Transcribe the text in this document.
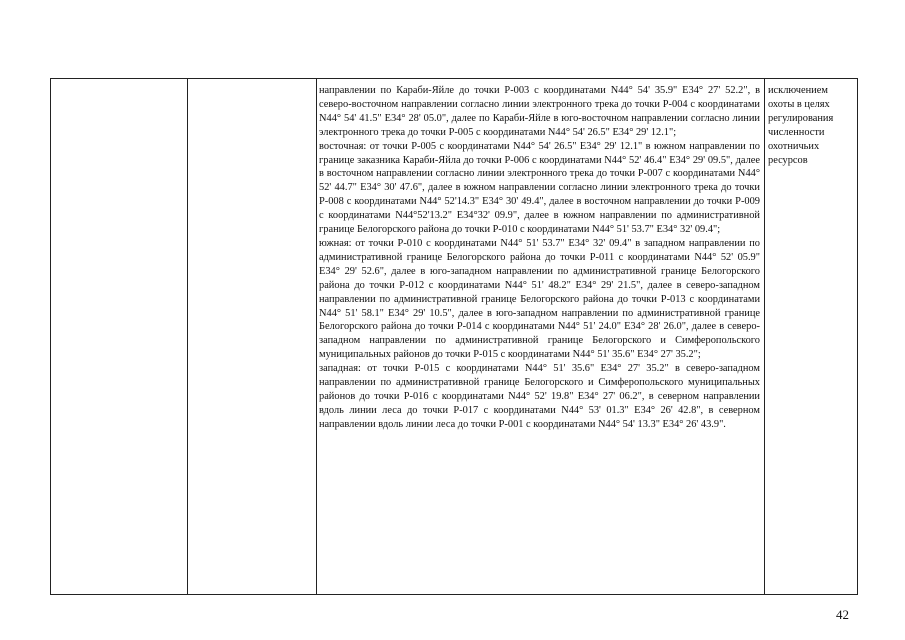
направлении по Караби-Яйле до точки Р-003 с координатами N44° 54' 35.9" Е34° 27' 52.2", в северо-восточном направлении согласно линии электронного трека до точки Р-004 с координатами N44° 54' 41.5" Е34° 28' 05.0", далее по Караби-Яйле в юго-восточном направлении согласно линии электронного трека до точки Р-005 с координатами N44° 54' 26.5" Е34° 29' 12.1";

восточная: от точки Р-005 с координатами N44° 54' 26.5" Е34° 29' 12.1" в южном направлении по границе заказника Караби-Яйла до точки Р-006 с координатами N44° 52' 46.4" Е34° 29' 09.5", далее в восточном направлении согласно линии электронного трека до точки Р-007 с координатами N44° 52' 44.7" Е34° 30' 47.6", далее в южном направлении согласно линии электронного трека до точки Р-008 с координатами N44° 52'14.3" Е34° 30' 49.4", далее в восточном направлении до точки Р-009 с координатами N44°52'13.2" Е34°32' 09.9", далее в южном направлении по административной границе Белогорского района до точки Р-010 с координатами N44° 51' 53.7" Е34° 32' 09.4";

южная: от точки Р-010 с координатами N44° 51' 53.7" Е34° 32' 09.4" в западном направлении по административной границе Белогорского района до точки Р-011 с координатами N44° 52' 05.9" Е34° 29' 52.6", далее в юго-западном направлении по административной границе Белогорского района до точки Р-012 с координатами N44° 51' 48.2" Е34° 29' 21.5", далее в северо-западном направлении по административной границе Белогорского района до точки Р-013 с координатами N44° 51' 58.1" Е34° 29' 10.5", далее в юго-западном направлении по административной границе Белогорского района до точки Р-014 с координатами N44° 51' 24.0" Е34° 28' 26.0", далее в северо-западном направлении по административной границе Белогорского и Симферопольского муниципальных районов до точки Р-015 с координатами N44° 51' 35.6" Е34° 27' 35.2";

западная: от точки Р-015 с координатами N44° 51' 35.6" Е34° 27' 35.2" в северо-западном направлении по административной границе Белогорского и Симферопольского муниципальных районов до точки Р-016 с координатами N44° 52' 19.8" Е34° 27' 06.2", в северном направлении вдоль линии леса до точки Р-017 с координатами N44° 53' 01.3" Е34° 26' 42.8", в северном направлении вдоль линии леса до точки Р-001 с координатами N44° 54' 13.3" Е34° 26' 43.9".

исключением
охоты в целях
регулирования
численности
охотничьих
ресурсов
42
